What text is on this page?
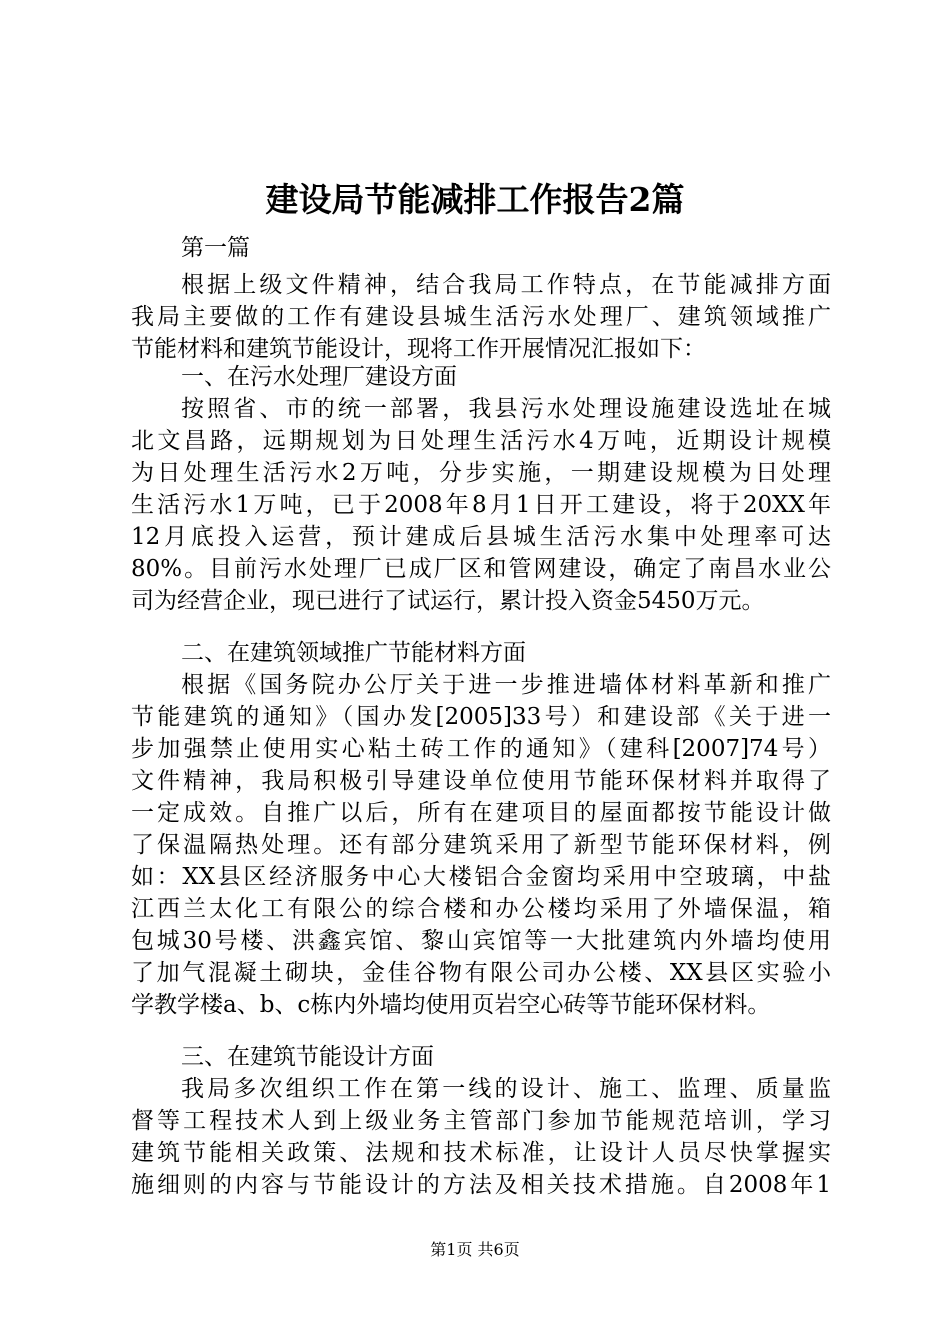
建设局节能减排工作报告2篇

第一篇

根据上级文件精神，结合我局工作特点，在节能减排方面

我局主要做的工作有建设县城生活污水处理厂、建筑领域推广

节能材料和建筑节能设计，现将工作开展情况汇报如下：

一、在污水处理厂建设方面

按照省、市的统一部署，我县污水处理设施建设选址在城

北文昌路，远期规划为日处理生活污水4万吨，近期设计规模

为日处理生活污水2万吨，分步实施，一期建设规模为日处理

生活污水1万吨，已于2008年8月1日开工建设，将于20XX年

12月底投入运营，预计建成后县城生活污水集中处理率可达

80%。目前污水处理厂已成厂区和管网建设，确定了南昌水业公

司为经营企业，现已进行了试运行，累计投入资金5450万元。

二、在建筑领域推广节能材料方面

根据《国务院办公厅关于进一步推进墙体材料革新和推广

节能建筑的通知》（国办发[2005]33号）和建设部《关于进一

步加强禁止使用实心粘土砖工作的通知》（建科[2007]74号）

文件精神，我局积极引导建设单位使用节能环保材料并取得了

一定成效。自推广以后，所有在建项目的屋面都按节能设计做

了保温隔热处理。还有部分建筑采用了新型节能环保材料，例

如：XX县区经济服务中心大楼铝合金窗均采用中空玻璃，中盐

江西兰太化工有限公的综合楼和办公楼均采用了外墙保温，箱

包城30号楼、洪鑫宾馆、黎山宾馆等一大批建筑内外墙均使用

了加气混凝土砌块，金佳谷物有限公司办公楼、XX县区实验小

学教学楼a、b、c栋内外墙均使用页岩空心砖等节能环保材料。

三、在建筑节能设计方面

我局多次组织工作在第一线的设计、施工、监理、质量监

督等工程技术人到上级业务主管部门参加节能规范培训，学习

建筑节能相关政策、法规和技术标准，让设计人员尽快掌握实

施细则的内容与节能设计的方法及相关技术措施。自2008年1

第1页 共6页
